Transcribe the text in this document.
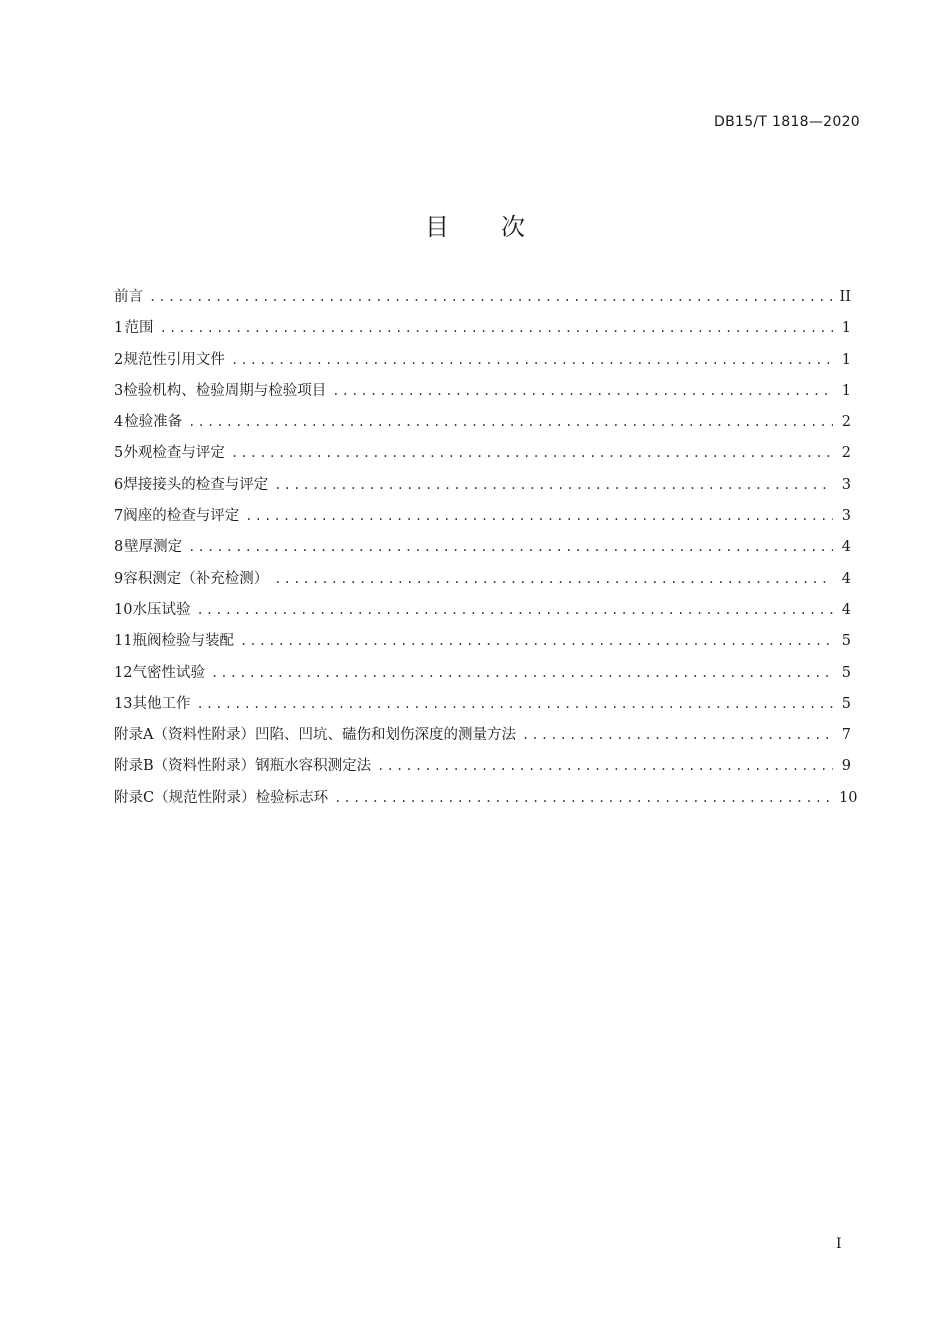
DB15/T 1818—2020
目 次
前言 .....	II
1 范围 .....	1
2 规范性引用文件 .....	1
3 检验机构、检验周期与检验项目 .....	1
4 检验准备 .....	2
5 外观检查与评定 .....	2
6 焊接接头的检查与评定 .....	3
7 阀座的检查与评定 .....	3
8 壁厚测定 .....	4
9 容积测定（补充检测） .....	4
10 水压试验 .....	4
11 瓶阀检验与装配 .....	5
12 气密性试验 .....	5
13 其他工作 .....	5
附录A（资料性附录） 凹陷、凹坑、磕伤和划伤深度的测量方法 .....	7
附录B（资料性附录） 钢瓶水容积测定法 .....	9
附录C（规范性附录） 检验标志环 .....	10
I
